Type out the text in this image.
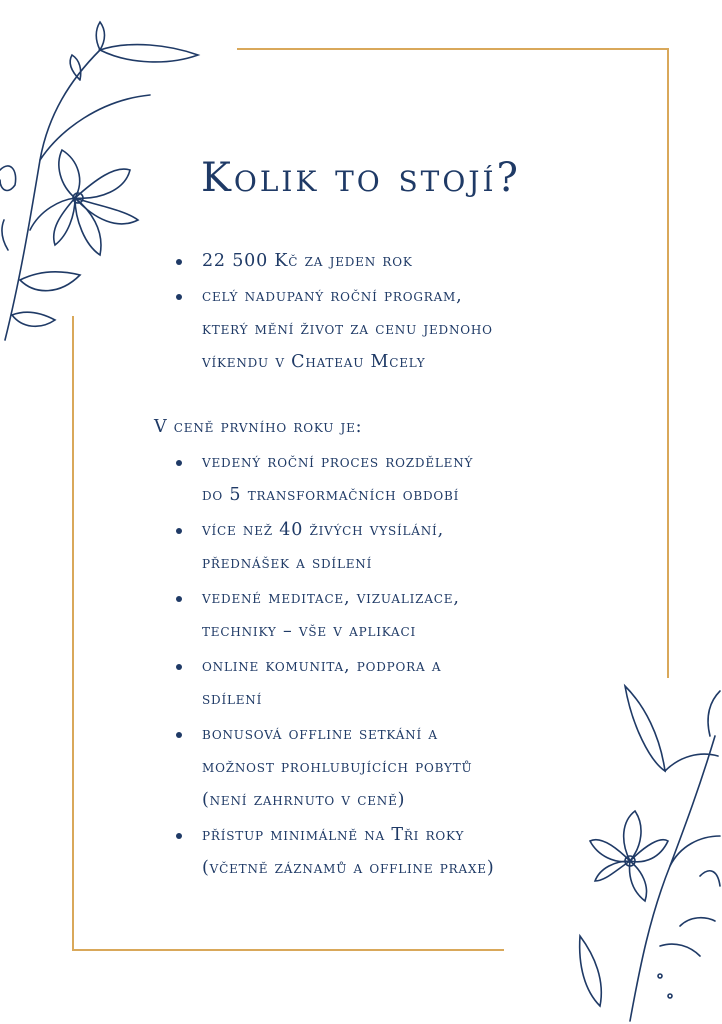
Kolik to stojí?
22 500 Kč za jeden rok
celý nadupaný roční program,
který mění život za cenu jednoho
víkendu v Chateau Mcely
V ceně prvního roku je:
vedený roční proces rozdělený
do 5 transformačních období
více než 40 živých vysílání,
přednášek a sdílení
vedené meditace, vizualizace,
techniky – vše v aplikaci
online komunita, podpora a
sdílení
bonusová offline setkání a
možnost prohlubujících pobytů
(není zahrnuto v ceně)
přístup minimálně na Tři roky
(včetně záznamů a offline praxe)
